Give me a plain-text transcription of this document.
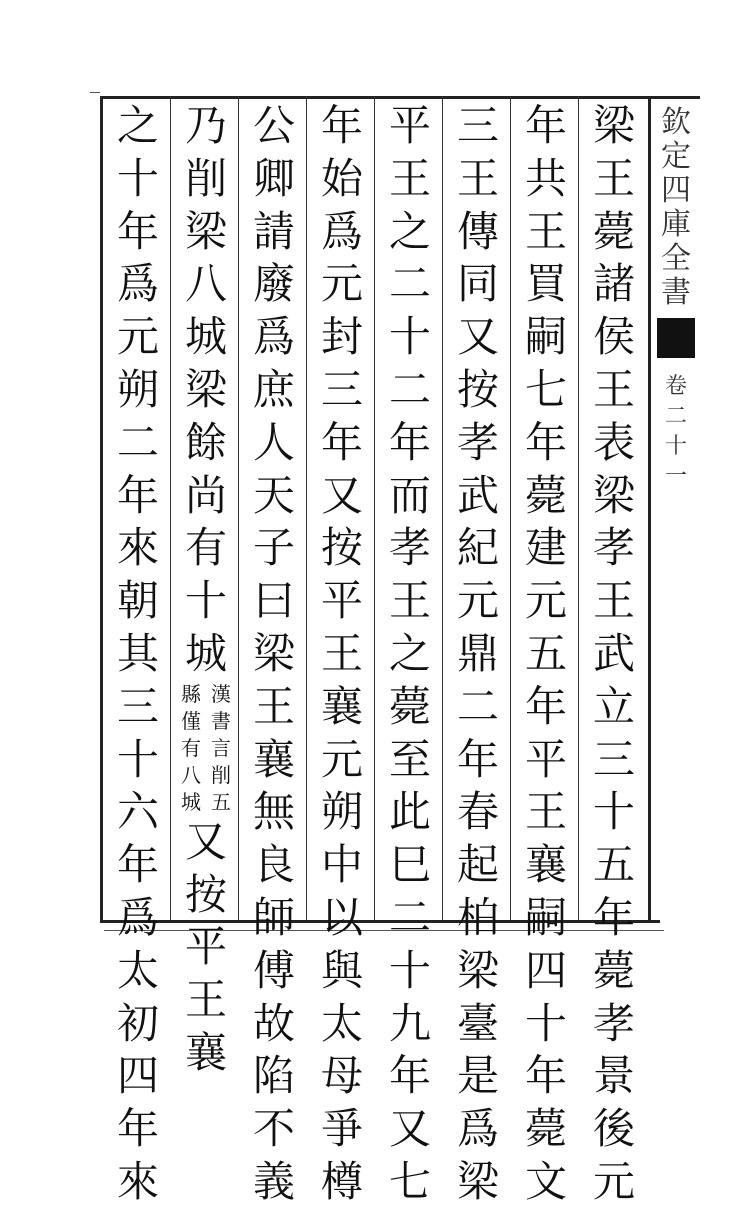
欽
定
四
庫
全
書
卷
二
十
一
梁
王
薨
諸
侯
王
表
梁
孝
王
武
立
三
十
五
年
薨
孝
景
後
元
年
共
王
買
嗣
七
年
薨
建
元
五
年
平
王
襄
嗣
四
十
年
薨
文
三
王
傳
同
又
按
孝
武
紀
元
鼎
二
年
春
起
柏
梁
臺
是
爲
梁
平
王
之
二
十
二
年
而
孝
王
之
薨
至
此
巳
二
十
九
年
又
七
年
始
爲
元
封
三
年
又
按
平
王
襄
元
朔
中
以
與
太
母
爭
樽
公
卿
請
廢
爲
庶
人
天
子
曰
梁
王
襄
無
良
師
傅
故
陷
不
義
乃
削
梁
八
城
梁
餘
尚
有
十
城
漢
書
言
削
五
縣
僅
有
八
城
又
按
平
王
襄
之
十
年
爲
元
朔
二
年
來
朝
其
三
十
六
年
爲
太
初
四
年
來
